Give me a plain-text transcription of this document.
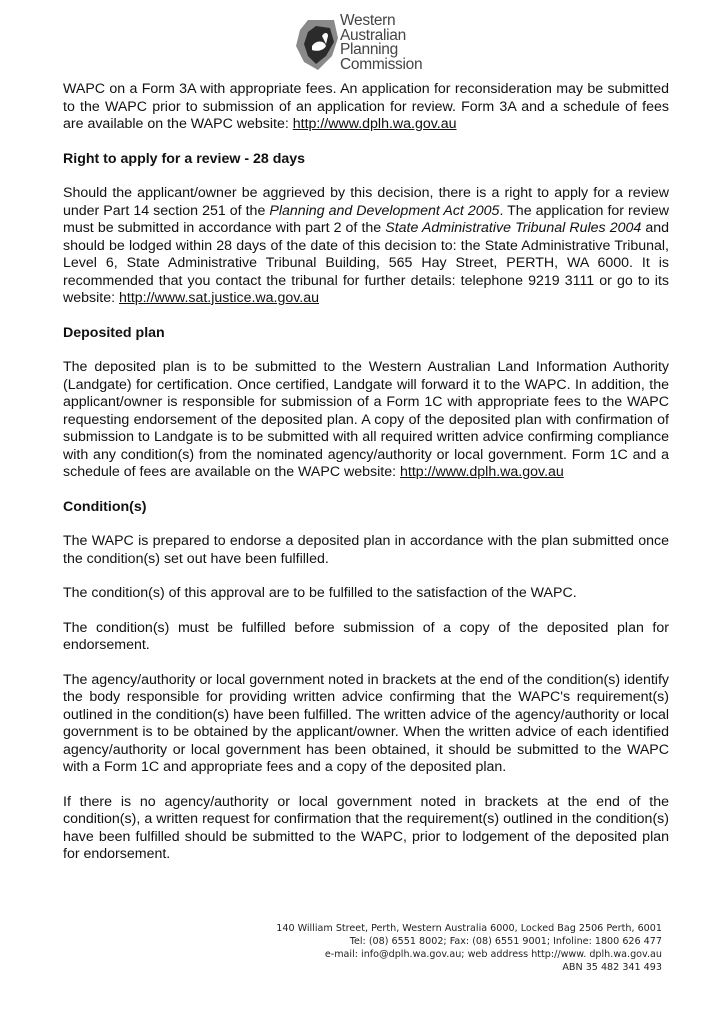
Western
Australian
Planning
Commission

WAPC on a Form 3A with appropriate fees. An application for reconsideration may be submitted to the WAPC prior to submission of an application for review. Form 3A and a schedule of fees are available on the WAPC website: http://www.dplh.wa.gov.au

Right to apply for a review - 28 days

Should the applicant/owner be aggrieved by this decision, there is a right to apply for a review under Part 14 section 251 of the Planning and Development Act 2005. The application for review must be submitted in accordance with part 2 of the State Administrative Tribunal Rules 2004 and should be lodged within 28 days of the date of this decision to: the State Administrative Tribunal, Level 6, State Administrative Tribunal Building, 565 Hay Street, PERTH, WA 6000. It is recommended that you contact the tribunal for further details: telephone 9219 3111 or go to its website: http://www.sat.justice.wa.gov.au

Deposited plan

The deposited plan is to be submitted to the Western Australian Land Information Authority (Landgate) for certification. Once certified, Landgate will forward it to the WAPC. In addition, the applicant/owner is responsible for submission of a Form 1C with appropriate fees to the WAPC requesting endorsement of the deposited plan. A copy of the deposited plan with confirmation of submission to Landgate is to be submitted with all required written advice confirming compliance with any condition(s) from the nominated agency/authority or local government. Form 1C and a schedule of fees are available on the WAPC website: http://www.dplh.wa.gov.au

Condition(s)

The WAPC is prepared to endorse a deposited plan in accordance with the plan submitted once the condition(s) set out have been fulfilled.

The condition(s) of this approval are to be fulfilled to the satisfaction of the WAPC.

The condition(s) must be fulfilled before submission of a copy of the deposited plan for endorsement.

The agency/authority or local government noted in brackets at the end of the condition(s) identify the body responsible for providing written advice confirming that the WAPC's requirement(s) outlined in the condition(s) have been fulfilled. The written advice of the agency/authority or local government is to be obtained by the applicant/owner. When the written advice of each identified agency/authority or local government has been obtained, it should be submitted to the WAPC with a Form 1C and appropriate fees and a copy of the deposited plan.

If there is no agency/authority or local government noted in brackets at the end of the condition(s), a written request for confirmation that the requirement(s) outlined in the condition(s) have been fulfilled should be submitted to the WAPC, prior to lodgement of the deposited plan for endorsement.

140 William Street, Perth, Western Australia 6000, Locked Bag 2506 Perth, 6001
Tel: (08) 6551 8002; Fax: (08) 6551 9001; Infoline: 1800 626 477
e-mail: info@dplh.wa.gov.au; web address http://www. dplh.wa.gov.au
ABN 35 482 341 493
